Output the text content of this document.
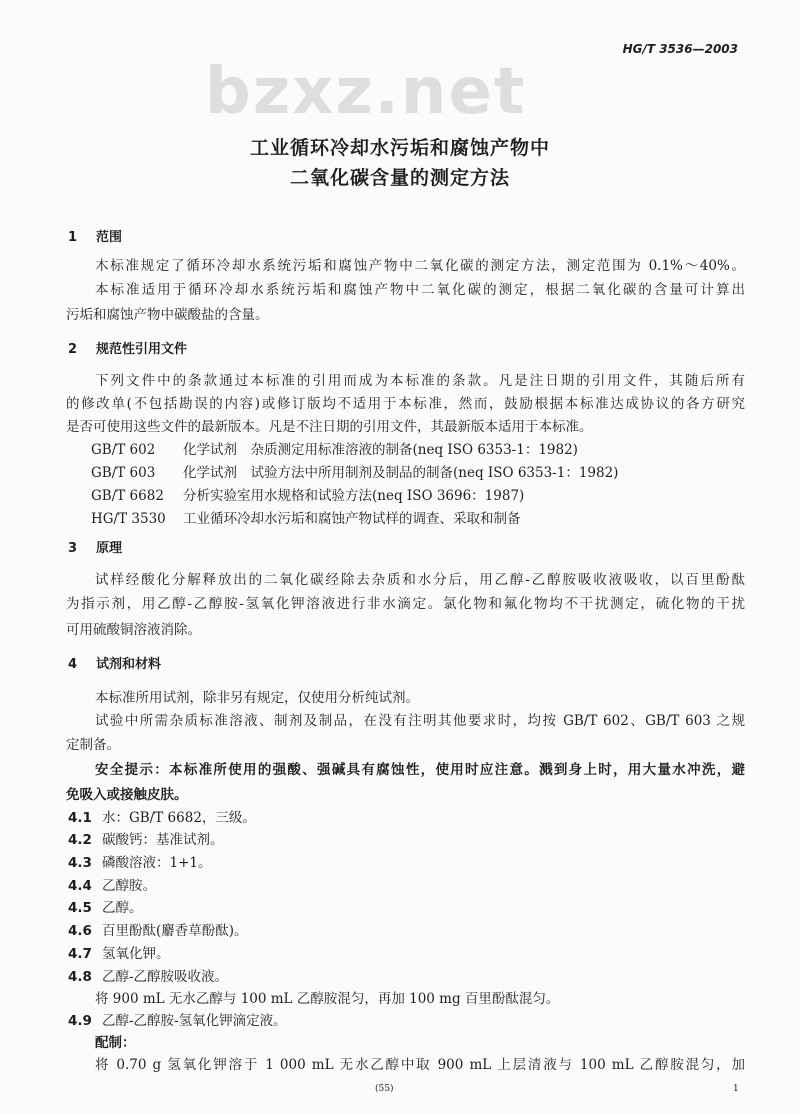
HG/T 3536—2003
bzxz.net
工业循环冷却水污垢和腐蚀产物中
二氧化碳含量的测定方法
1 范围
木标准规定了循环冷却水系统污垢和腐蚀产物中二氧化碳的测定方法，测定范围为 0.1%～40%。
本标准适用于循环冷却水系统污垢和腐蚀产物中二氧化碳的测定，根据二氧化碳的含量可计算出
污垢和腐蚀产物中碳酸盐的含量。
2 规范性引用文件
下列文件中的条款通过本标准的引用而成为本标准的条款。凡是注日期的引用文件，其随后所有
的修改单(不包括勘误的内容)或修订版均不适用于本标准，然而，鼓励根据本标准达成协议的各方研究
是否可使用这些文件的最新版本。凡是不注日期的引用文件，其最新版本适用于本标准。
GB/T 602 化学试剂　杂质测定用标准溶液的制备(neq ISO 6353-1：1982)
GB/T 603 化学试剂　试验方法中所用制剂及制品的制备(neq ISO 6353-1：1982)
GB/T 6682 分析实验室用水规格和试验方法(neq ISO 3696：1987)
HG/T 3530 工业循环冷却水污垢和腐蚀产物试样的调查、采取和制备
3 原理
试样经酸化分解释放出的二氧化碳经除去杂质和水分后，用乙醇-乙醇胺吸收液吸收，以百里酚酞
为指示剂，用乙醇-乙醇胺-氢氧化钾溶液进行非水滴定。氯化物和氟化物均不干扰测定，硫化物的干扰
可用硫酸铜溶液消除。
4 试剂和材料
本标准所用试剂，除非另有规定，仅使用分析纯试剂。
试验中所需杂质标准溶液、制剂及制品，在没有注明其他要求时，均按 GB/T 602、GB/T 603 之规
定制备。
安全提示：本标准所使用的强酸、强碱具有腐蚀性，使用时应注意。溅到身上时，用大量水冲洗，避
免吸入或接触皮肤。
4.1 水：GB/T 6682，三级。
4.2 碳酸钙：基准试剂。
4.3 磷酸溶液：1+1。
4.4 乙醇胺。
4.5 乙醇。
4.6 百里酚酞(麝香草酚酞)。
4.7 氢氧化钾。
4.8 乙醇-乙醇胺吸收液。
将 900 mL 无水乙醇与 100 mL 乙醇胺混匀，再加 100 mg 百里酚酞混匀。
4.9 乙醇-乙醇胺-氢氧化钾滴定液。
配制：
将 0.70 g 氢氧化钾溶于 1 000 mL 无水乙醇中取 900 mL 上层清液与 100 mL 乙醇胺混匀，加
(55)	1
